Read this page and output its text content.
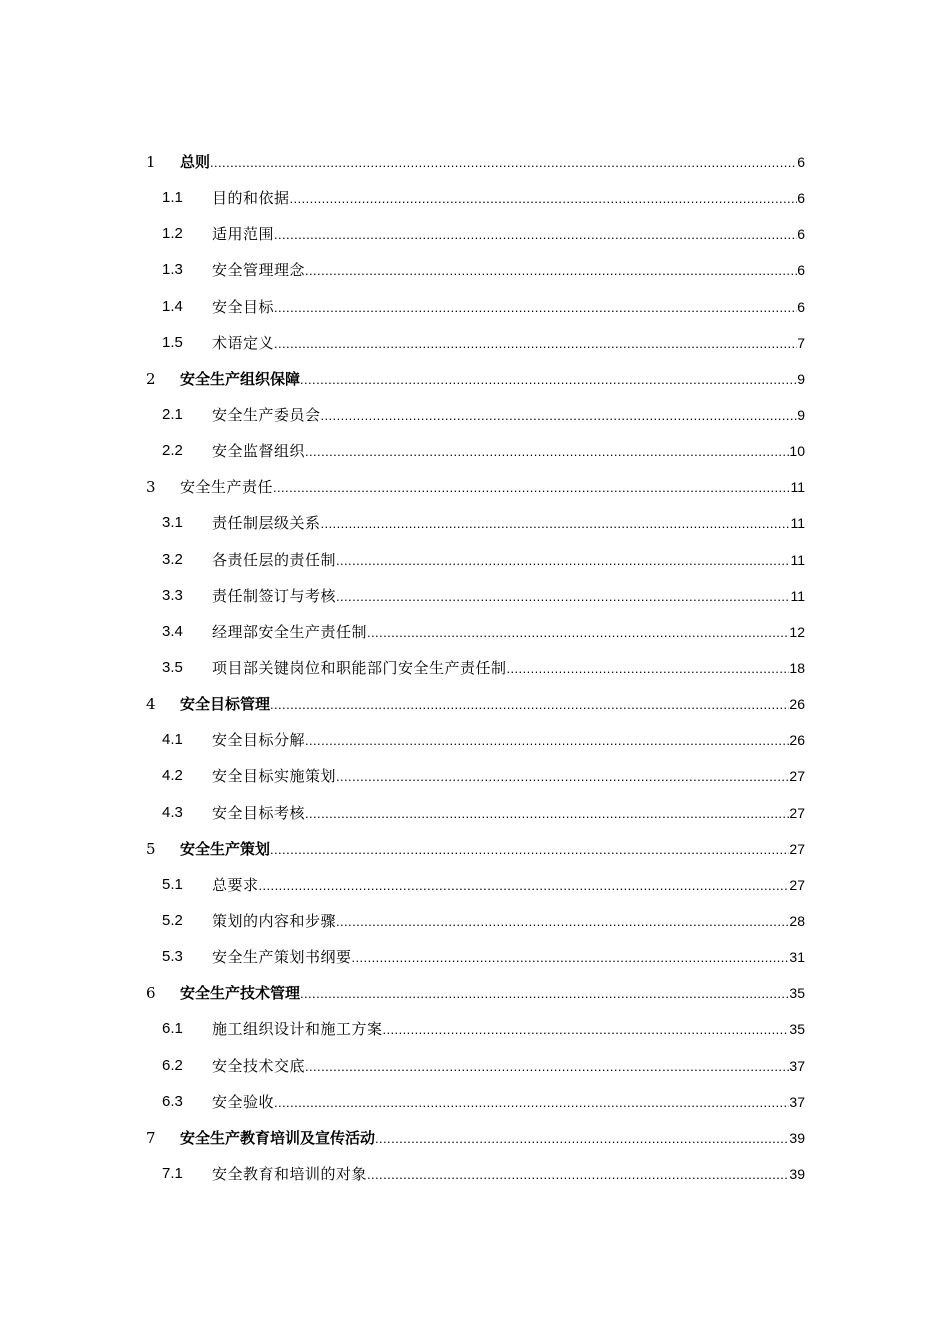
1 总则 .....	6
1.1 目的和依据 .....	6
1.2 适用范围 .....	6
1.3 安全管理理念 .....	6
1.4 安全目标 .....	6
1.5 术语定义 .....	7
2 安全生产组织保障 .....	9
2.1 安全生产委员会 .....	9
2.2 安全监督组织 .....	10
3 安全生产责任 .....	11
3.1 责任制层级关系 .....	11
3.2 各责任层的责任制 .....	11
3.3 责任制签订与考核 .....	11
3.4 经理部安全生产责任制 .....	12
3.5 项目部关键岗位和职能部门安全生产责任制 .....	18
4 安全目标管理 .....	26
4.1 安全目标分解 .....	26
4.2 安全目标实施策划 .....	27
4.3 安全目标考核 .....	27
5 安全生产策划 .....	27
5.1 总要求 .....	27
5.2 策划的内容和步骤 .....	28
5.3 安全生产策划书纲要 .....	31
6 安全生产技术管理 .....	35
6.1 施工组织设计和施工方案 .....	35
6.2 安全技术交底 .....	37
6.3 安全验收 .....	37
7 安全生产教育培训及宣传活动 .....	39
7.1 安全教育和培训的对象 .....	39
